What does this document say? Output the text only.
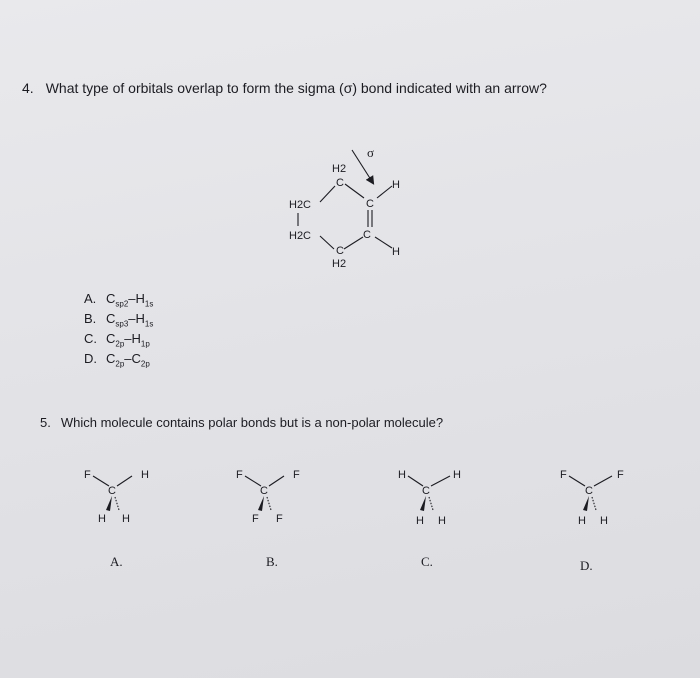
4. What type of orbitals overlap to form the sigma (σ) bond indicated with an arrow?
A. $C_{sp2}-H_{1s}$
B. $C_{sp3}-H_{1s}$
C. $C_{2p}-H_{1p}$
D. $C_{2p}-C_{2p}$
5. Which molecule contains polar bonds but is a non-polar molecule?
σ
H2
C	H
H2C	C
H2C	C
H
C
H2
F	H
C
H H
F	F
C
F F
H	H
C
H H
F	F
C
H H
A.	B.	C.	D.
